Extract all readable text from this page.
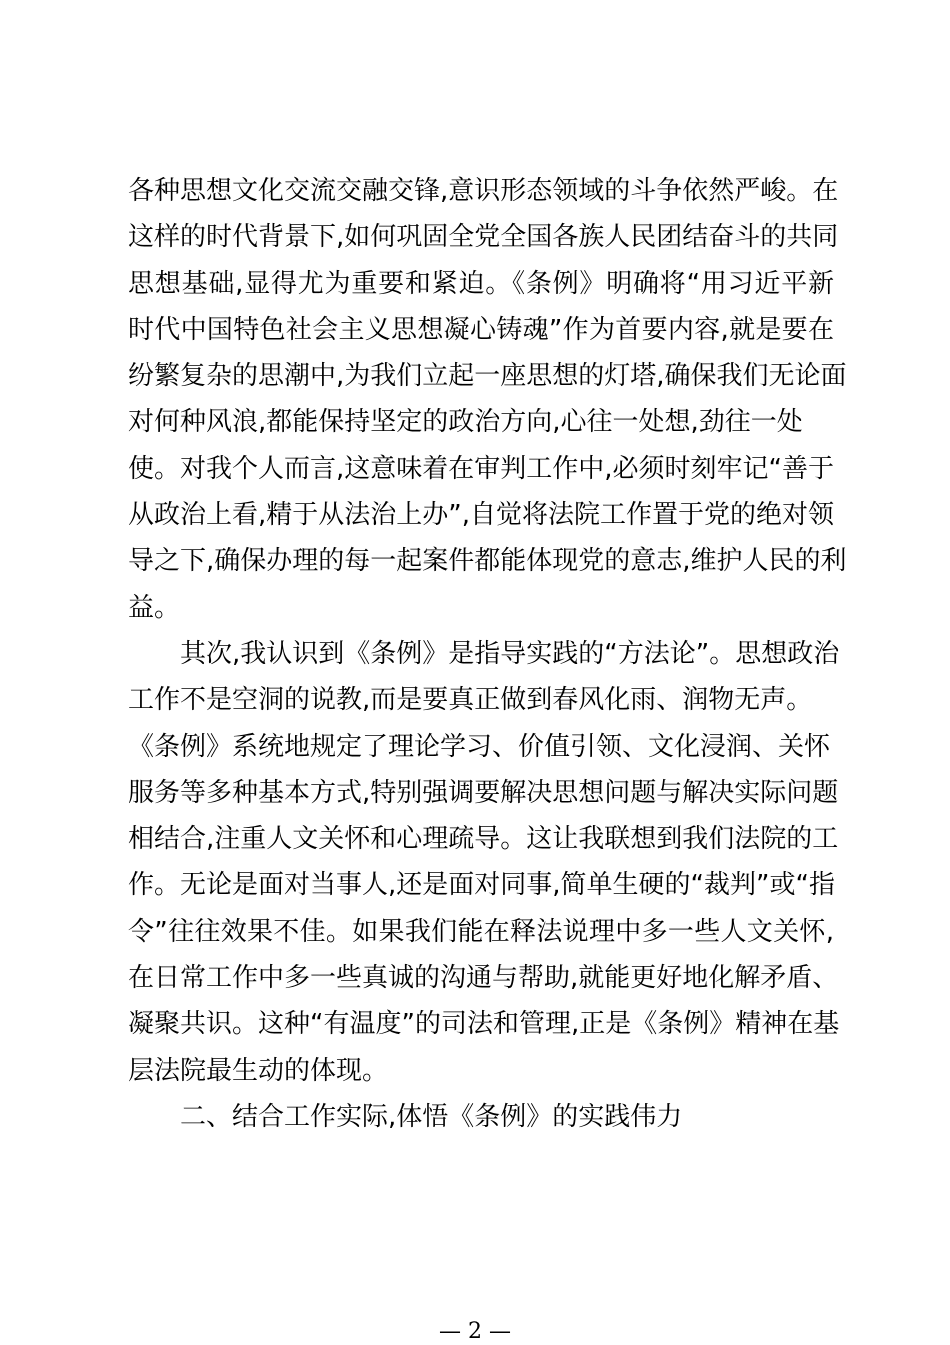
各种思想文化交流交融交锋,意识形态领域的斗争依然严峻。在
这样的时代背景下,如何巩固全党全国各族人民团结奋斗的共同
思想基础,显得尤为重要和紧迫。《条例》明确将“用习近平新
时代中国特色社会主义思想凝心铸魂”作为首要内容,就是要在
纷繁复杂的思潮中,为我们立起一座思想的灯塔,确保我们无论面
对何种风浪,都能保持坚定的政治方向,心往一处想,劲往一处
使。对我个人而言,这意味着在审判工作中,必须时刻牢记“善于
从政治上看,精于从法治上办”,自觉将法院工作置于党的绝对领
导之下,确保办理的每一起案件都能体现党的意志,维护人民的利
益。
其次,我认识到《条例》是指导实践的“方法论”。思想政治
工作不是空洞的说教,而是要真正做到春风化雨、润物无声。
《条例》系统地规定了理论学习、价值引领、文化浸润、关怀
服务等多种基本方式,特别强调要解决思想问题与解决实际问题
相结合,注重人文关怀和心理疏导。这让我联想到我们法院的工
作。无论是面对当事人,还是面对同事,简单生硬的“裁判”或“指
令”往往效果不佳。如果我们能在释法说理中多一些人文关怀,
在日常工作中多一些真诚的沟通与帮助,就能更好地化解矛盾、
凝聚共识。这种“有温度”的司法和管理,正是《条例》精神在基
层法院最生动的体现。
二、结合工作实际,体悟《条例》的实践伟力
— 2 —
